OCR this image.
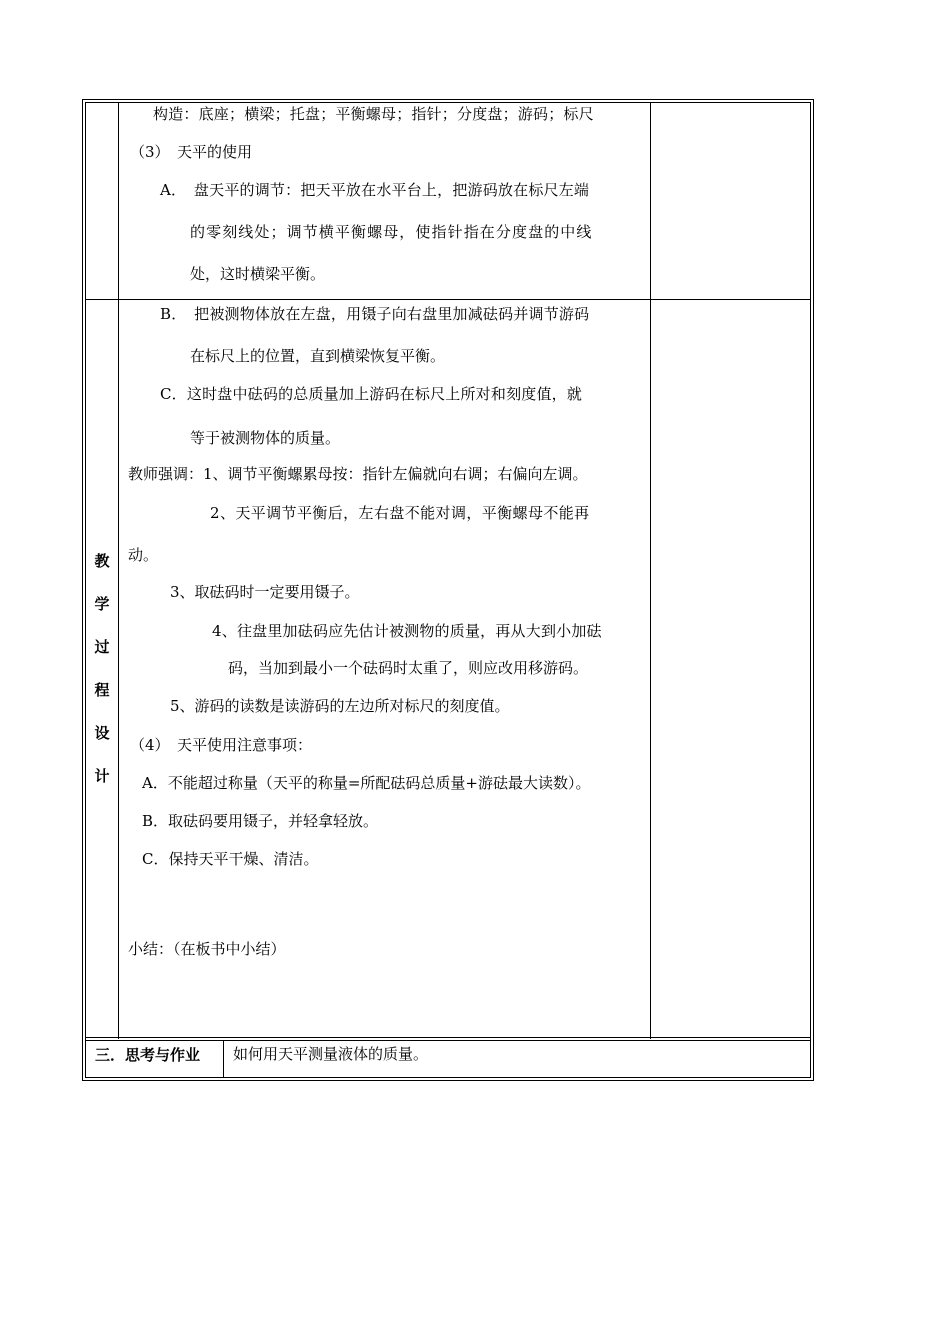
构造：底座；横梁；托盘；平衡螺母；指针；分度盘；游码；标尺
（3）　天平的使用
A．　盘天平的调节：把天平放在水平台上，把游码放在标尺左端
的零刻线处；调节横平衡螺母，使指针指在分度盘的中线
处，这时横梁平衡。
教
学
过
程
设
计
B．　把被测物体放在左盘，用镊子向右盘里加减砝码并调节游码
在标尺上的位置，直到横梁恢复平衡。
C．这时盘中砝码的总质量加上游码在标尺上所对和刻度值，就
等于被测物体的质量。
教师强调：1、调节平衡螺累母按：指针左偏就向右调；右偏向左调。
2、天平调节平衡后，左右盘不能对调，平衡螺母不能再
动。
3、取砝码时一定要用镊子。
4、往盘里加砝码应先估计被测物的质量，再从大到小加砝
码，当加到最小一个砝码时太重了，则应改用移游码。
5、游码的读数是读游码的左边所对标尺的刻度值。
（4）　天平使用注意事项：
A．不能超过称量（天平的称量=所配砝码总质量+游砝最大读数）。
B．取砝码要用镊子，并轻拿轻放。
C．保持天平干燥、清洁。
小结：（在板书中小结）
三．思考与作业 如何用天平测量液体的质量。
